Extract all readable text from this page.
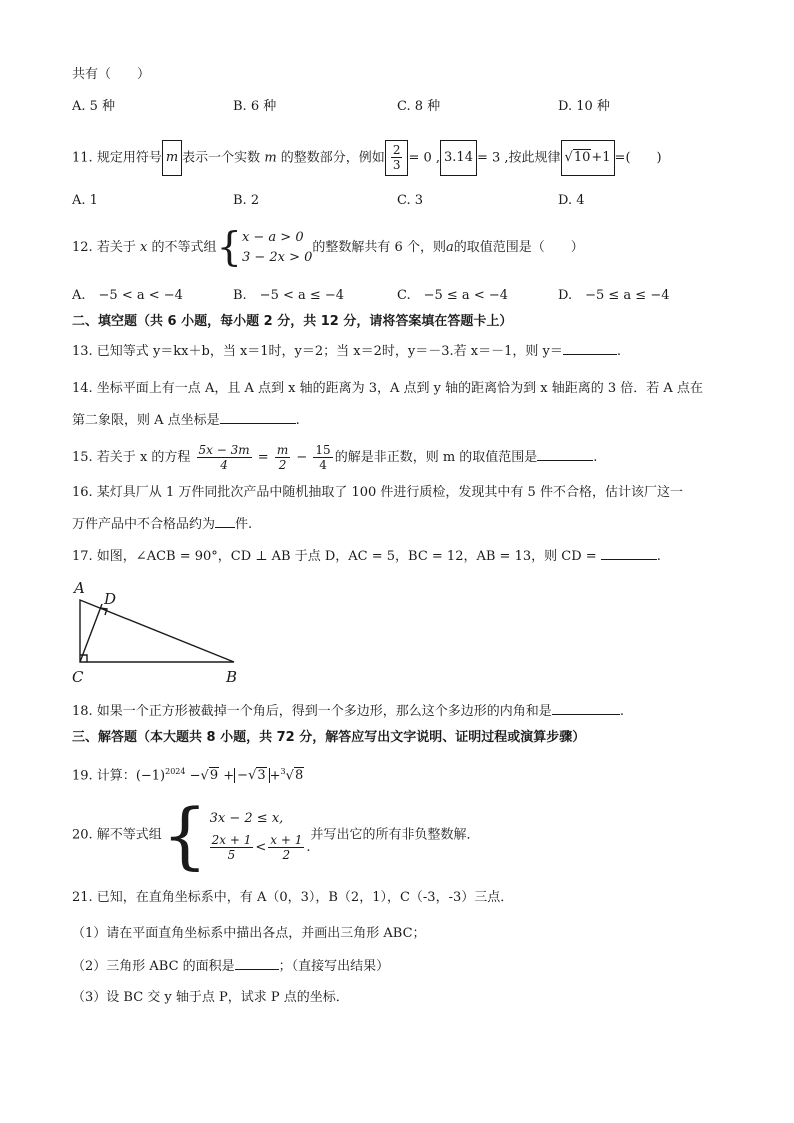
共有（　　）
A. 5 种	B. 6 种	C. 8 种	D. 10 种
11. 规定用符号 m 表示一个实数 m 的整数部分，例如 $\frac{2}{3} = 0$ , 3.14 = 3 ,按此规律 √10+1 =(　　)
A. 1	B. 2	C. 3	D. 4
12. 若关于 x 的不等式组{ x − a > 0
3 − 2x > 0
的整数解共有 6 个，则a的取值范围是（　　）
A.　−5 < a < −4	B.　−5 < a ≤ −4	C.　−5 ≤ a < −4	D.　−5 ≤ a ≤ −4
二、填空题（共 6 小题，每小题 2 分，共 12 分，请将答案填在答题卡上）
13. 已知等式 y＝kx＋b，当 x＝1时，y＝2；当 x＝2时，y＝－3.若 x＝－1，则 y＝	.
14. 坐标平面上有一点 A，且 A 点到 x 轴的距离为 3，A 点到 y 轴的距离恰为到 x 轴距离的 3 倍．若 A 点在
第二象限，则 A 点坐标是	.
15. 若关于 x 的方程 $\frac{5x - 3m}{4} = \frac{m}{2} - \frac{15}{4}$ 的解是非正数，则 m 的取值范围是	.
16. 某灯具厂从 1 万件同批次产品中随机抽取了 100 件进行质检，发现其中有 5 件不合格，估计该厂这一
万件产品中不合格品约为 件.
17. 如图，∠ACB = 90°，CD ⊥ AB 于点 D，AC = 5，BC = 12，AB = 13，则 CD =	.
A
D
C	B
18. 如果一个正方形被截掉一个角后，得到一个多边形，那么这个多边形的内角和是	.
三、解答题（本大题共 8 小题，共 72 分，解答应写出文字说明、证明过程或演算步骤）
19. 计算：$(-1)^{2024} -√9 + -√3 +^3√8$
20. 解不等式组{ 3x − 2 ≤ x,
$\frac{2x + 1}{5} < \frac{x + 1}{2}$ .
并写出它的所有非负整数解．
21. 已知，在直角坐标系中，有 A（0，3），B（2，1），C（-3，-3）三点．
（1）请在平面直角坐标系中描出各点，并画出三角形 ABC；
（2）三角形 ABC 的面积是	；（直接写出结果）
（3）设 BC 交 y 轴于点 P，试求 P 点的坐标．
